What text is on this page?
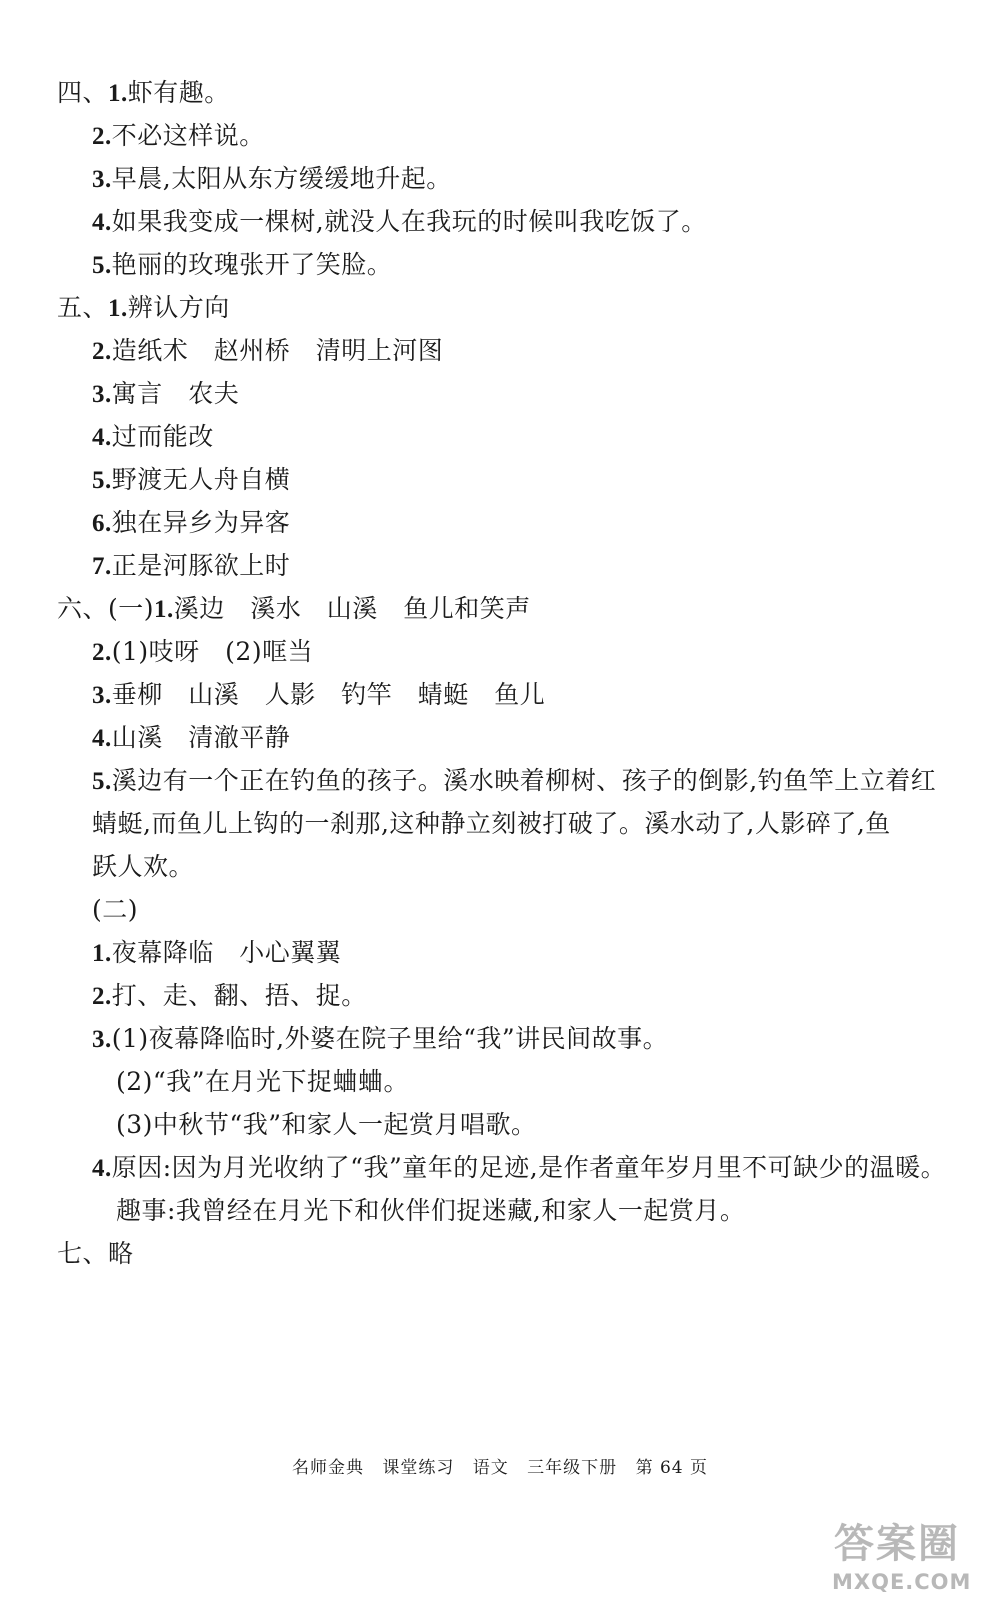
四、1.虾有趣。
2.不必这样说。
3.早晨,太阳从东方缓缓地升起。
4.如果我变成一棵树,就没人在我玩的时候叫我吃饭了。
5.艳丽的玫瑰张开了笑脸。
五、1.辨认方向
2.造纸术　赵州桥　清明上河图
3.寓言　农夫
4.过而能改
5.野渡无人舟自横
6.独在异乡为异客
7.正是河豚欲上时
六、(一)1.溪边　溪水　山溪　鱼儿和笑声
2.(1)吱呀　(2)哐当
3.垂柳　山溪　人影　钓竿　蜻蜓　鱼儿
4.山溪　清澈平静
5.溪边有一个正在钓鱼的孩子。溪水映着柳树、孩子的倒影,钓鱼竿上立着红
蜻蜓,而鱼儿上钩的一刹那,这种静立刻被打破了。溪水动了,人影碎了,鱼
跃人欢。
(二)
1.夜幕降临　小心翼翼
2.打、走、翻、捂、捉。
3.(1)夜幕降临时,外婆在院子里给“我”讲民间故事。
(2)“我”在月光下捉蛐蛐。
(3)中秋节“我”和家人一起赏月唱歌。
4.原因:因为月光收纳了“我”童年的足迹,是作者童年岁月里不可缺少的温暖。
趣事:我曾经在月光下和伙伴们捉迷藏,和家人一起赏月。
七、略
名师金典 课堂练习 语文 三年级下册 第 64 页
答案圈
MXQE.COM
